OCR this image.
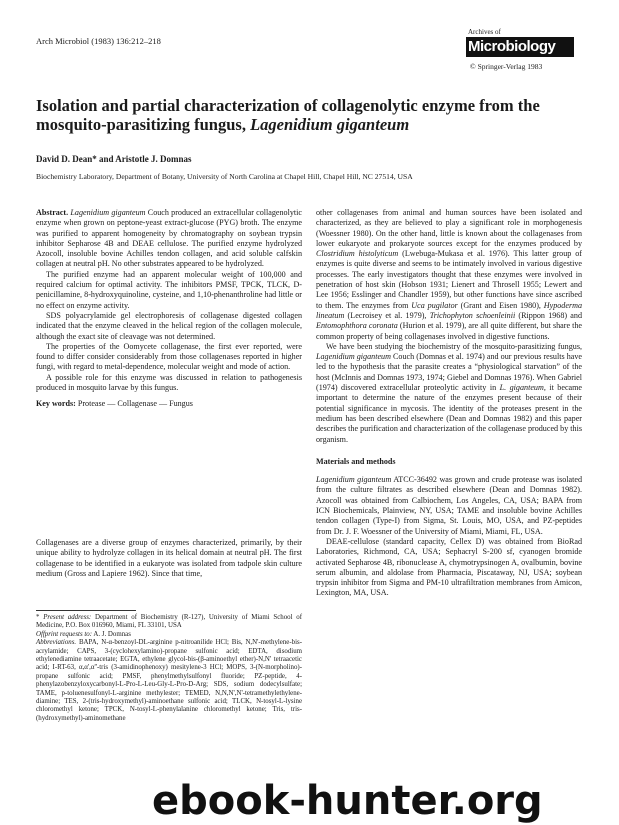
Arch Microbiol (1983) 136:212–218
Archives of
Microbiology
© Springer-Verlag 1983
Isolation and partial characterization of collagenolytic enzyme from the mosquito-parasitizing fungus, Lagenidium giganteum
David D. Dean* and Aristotle J. Domnas
Biochemistry Laboratory, Department of Botany, University of North Carolina at Chapel Hill, Chapel Hill, NC 27514, USA

Abstract. Lagenidium giganteum Couch produced an extracellular collagenolytic enzyme when grown on peptone-yeast extract-glucose (PYG) broth. The enzyme was purified to apparent homogeneity by chromatography on soybean trypsin inhibitor Sepharose 4B and DEAE cellulose. The purified enzyme hydrolyzed Azocoll, insoluble bovine Achilles tendon collagen, and acid soluble calfskin collagen at neutral pH. No other substrates appeared to be hydrolyzed.

The purified enzyme had an apparent molecular weight of 100,000 and required calcium for optimal activity. The inhibitors PMSF, TPCK, TLCK, D-penicillamine, 8-hydroxyquinoline, cysteine, and 1,10-phenanthroline had little or no effect on enzyme activity.

SDS polyacrylamide gel electrophoresis of collagenase digested collagen indicated that the enzyme cleaved in the helical region of the collagen molecule, although the exact site of cleavage was not determined.

The properties of the Oomycete collagenase, the first ever reported, were found to differ consider considerably from those collagenases reported in higher fungi, with regard to metal-dependence, molecular weight and mode of action.

A possible role for this enzyme was discussed in relation to pathogenesis produced in mosquito larvae by this fungus.

Key words: Protease — Collagenase — Fungus

Collagenases are a diverse group of enzymes characterized, primarily, by their unique ability to hydrolyze collagen in its helical domain at neutral pH. The first collagenase to be identified in a eukaryote was isolated from tadpole skin culture medium (Gross and Lapiere 1962). Since that time,

* Present address: Department of Biochemistry (R-127), University of Miami School of Medicine, P.O. Box 016960, Miami, FL 33101, USA

Offprint requests to: A. J. Domnas

Abbreviations. BAPA, N-α-benzoyl-DL-arginine p-nitroanilide HCl; Bis, N,N'-methylene-bis-acrylamide; CAPS, 3-(cyclohexylamino)-propane sulfonic acid; EDTA, disodium ethylenediamine tetraacetate; EGTA, ethylene glycol-bis-(β-aminoethyl ether)-N,N' tetraacetic acid; I-RT-63, α,α',α''-tris (3-amidinophenoxy) mesitylene-3 HCl; MOPS, 3-(N-morpholino)-propane sulfonic acid; PMSF, phenylmethylsulfonyl fluoride; PZ-peptide, 4-phenylazobenzyloxycarbonyl-L-Pro-L-Leu-Gly-L-Pro-D-Arg; SDS, sodium dodecylsulfate; TAME, p-toluenesulfonyl-L-arginine methylester; TEMED, N,N,N',N'-tetramethylethylene-diamine; TES, 2-(tris-hydroxymethyl)-aminoethane sulfonic acid; TLCK, N-tosyl-L-lysine chloromethyl ketone; TPCK, N-tosyl-L-phenylalanine chloromethyl ketone; Tris, tris-(hydroxymethyl)-aminomethane

other collagenases from animal and human sources have been isolated and characterized, as they are believed to play a significant role in morphogenesis (Woessner 1980). On the other hand, little is known about the collagenases from lower eukaryote and prokaryote sources except for the enzymes produced by Clostridium histolyticum (Lwebuga-Mukasa et al. 1976). This latter group of enzymes is quite diverse and seems to be intimately involved in various digestive processes. The early investigators thought that these enzymes were involved in penetration of host skin (Hobson 1931; Lienert and Throsell 1955; Lewert and Lee 1956; Esslinger and Chandler 1959), but other functions have since ascribed to them. The enzymes from Uca pugilator (Grant and Eisen 1980), Hypoderma lineatum (Lecroisey et al. 1979), Trichophyton schoenleinii (Rippon 1968) and Entomophthora coronata (Hurion et al. 1979), are all quite different, but share the common property of being collagenases involved in digestive functions.

We have been studying the biochemistry of the mosquito-parasitizing fungus, Lagenidium giganteum Couch (Domnas et al. 1974) and our previous results have led to the hypothesis that the parasite creates a “physiological starvation” of the host (McInnis and Domnas 1973, 1974; Giebel and Domnas 1976). When Gabriel (1974) discovered extracellular proteolytic activity in L. giganteum, it became important to determine the nature of the enzymes present because of their potential significance in mycosis. The identity of the proteases present in the medium has been described elsewhere (Dean and Domnas 1982) and this paper describes the purification and characterization of the collagenase produced by this organism.

Materials and methods

Lagenidium giganteum ATCC-36492 was grown and crude protease was isolated from the culture filtrates as described elsewhere (Dean and Domnas 1982). Azocoll was obtained from Calbiochem, Los Angeles, CA, USA; BAPA from ICN Biochemicals, Plainview, NY, USA; TAME and insoluble bovine Achilles tendon collagen (Type-I) from Sigma, St. Louis, MO, USA, and PZ-peptides from Dr. J. F. Woessner of the University of Miami, Miami, FL, USA.

DEAE-cellulose (standard capacity, Cellex D) was obtained from BioRad Laboratories, Richmond, CA, USA; Sephacryl S-200 sf, cyanogen bromide activated Sepharose 4B, ribonuclease A, chymotrypsinogen A, ovalbumin, bovine serum albumin, and aldolase from Pharmacia, Piscataway, NJ, USA; soybean trypsin inhibitor from Sigma and PM-10 ultrafiltration membranes from Amicon, Lexington, MA, USA.

ebook-hunter.org
